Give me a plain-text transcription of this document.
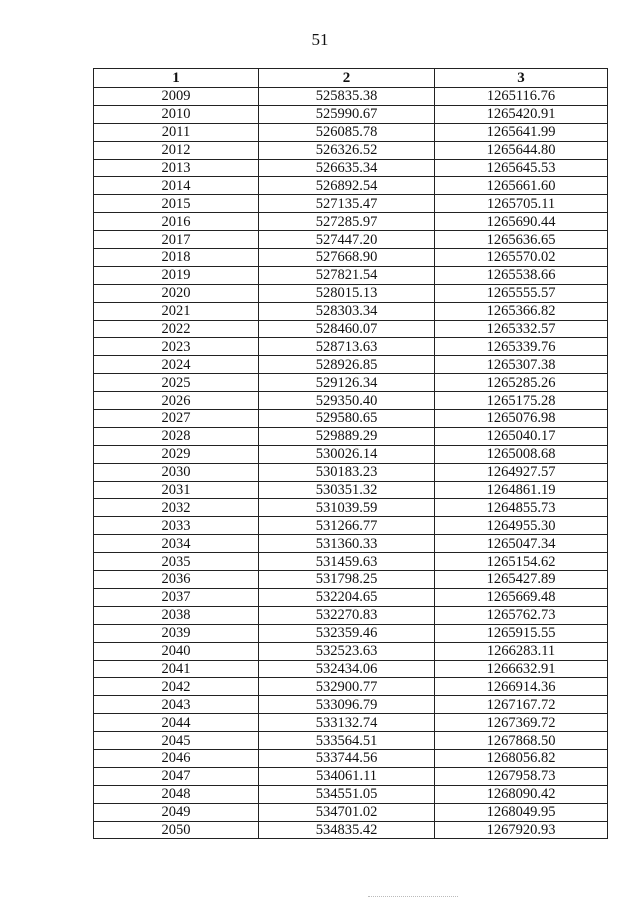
51
1	2	3
2009	525835.38	1265116.76
2010	525990.67	1265420.91
2011	526085.78	1265641.99
2012	526326.52	1265644.80
2013	526635.34	1265645.53
2014	526892.54	1265661.60
2015	527135.47	1265705.11
2016	527285.97	1265690.44
2017	527447.20	1265636.65
2018	527668.90	1265570.02
2019	527821.54	1265538.66
2020	528015.13	1265555.57
2021	528303.34	1265366.82
2022	528460.07	1265332.57
2023	528713.63	1265339.76
2024	528926.85	1265307.38
2025	529126.34	1265285.26
2026	529350.40	1265175.28
2027	529580.65	1265076.98
2028	529889.29	1265040.17
2029	530026.14	1265008.68
2030	530183.23	1264927.57
2031	530351.32	1264861.19
2032	531039.59	1264855.73
2033	531266.77	1264955.30
2034	531360.33	1265047.34
2035	531459.63	1265154.62
2036	531798.25	1265427.89
2037	532204.65	1265669.48
2038	532270.83	1265762.73
2039	532359.46	1265915.55
2040	532523.63	1266283.11
2041	532434.06	1266632.91
2042	532900.77	1266914.36
2043	533096.79	1267167.72
2044	533132.74	1267369.72
2045	533564.51	1267868.50
2046	533744.56	1268056.82
2047	534061.11	1267958.73
2048	534551.05	1268090.42
2049	534701.02	1268049.95
2050	534835.42	1267920.93
